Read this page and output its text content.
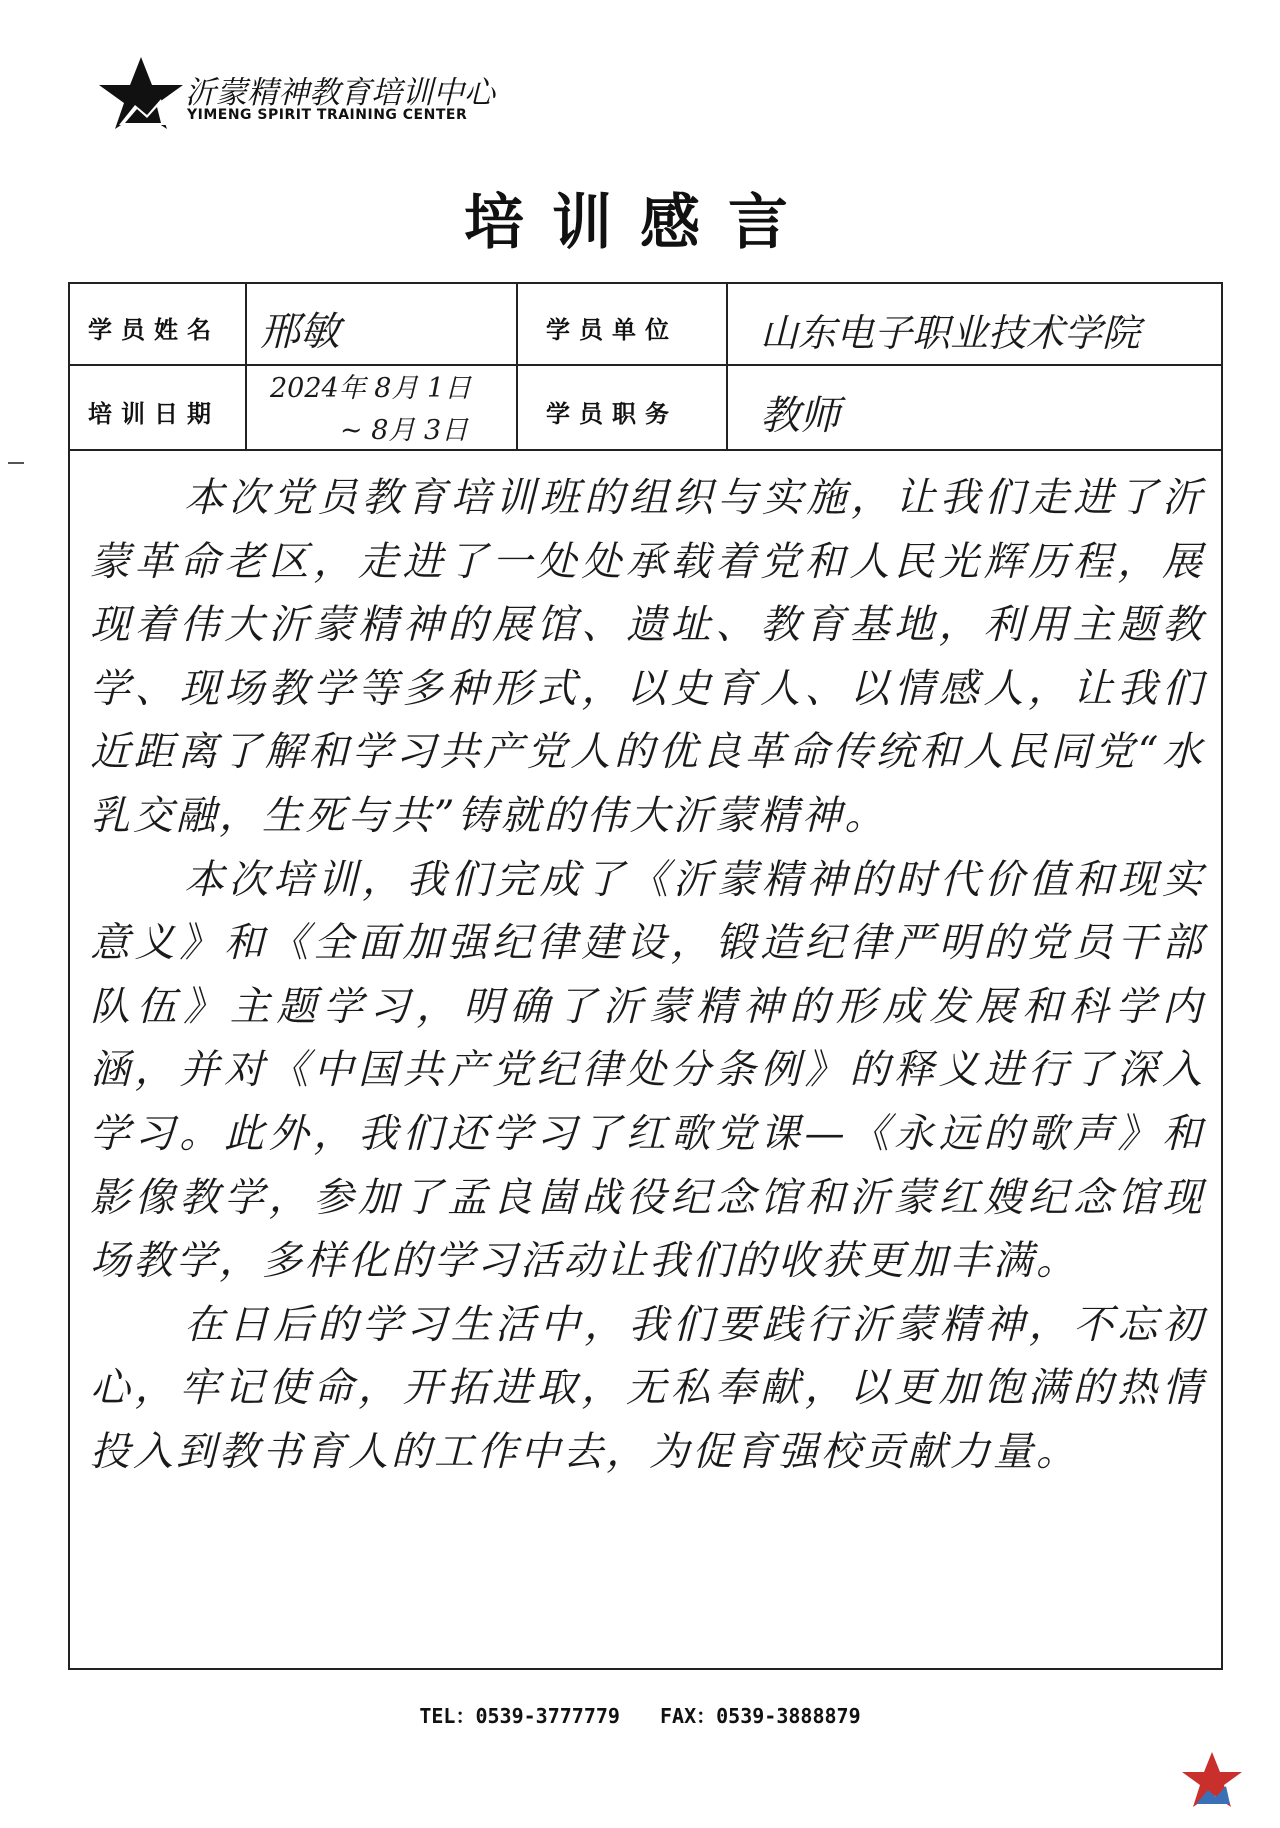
沂蒙精神教育培训中心
YIMENG SPIRIT TRAINING CENTER
培训感言
学员姓名 邢敏	学员单位 山东电子职业技术学院
培训日期
2024年 8月 1日
~ 8月 3日
学员职务 教师

本次党员教育培训班的组织与实施，让我们走进了沂蒙革命老区，走进了一处处承载着党和人民光辉历程，展现着伟大沂蒙精神的展馆、遗址、教育基地，利用主题教学、现场教学等多种形式，以史育人、以情感人，让我们近距离了解和学习共产党人的优良革命传统和人民同党“水乳交融，生死与共”铸就的伟大沂蒙精神。

本次培训，我们完成了《沂蒙精神的时代价值和现实意义》和《全面加强纪律建设，锻造纪律严明的党员干部队伍》主题学习，明确了沂蒙精神的形成发展和科学内涵，并对《中国共产党纪律处分条例》的释义进行了深入学习。此外，我们还学习了红歌党课—《永远的歌声》和影像教学，参加了孟良崮战役纪念馆和沂蒙红嫂纪念馆现场教学，多样化的学习活动让我们的收获更加丰满。

在日后的学习生活中，我们要践行沂蒙精神，不忘初心，牢记使命，开拓进取，无私奉献，以更加饱满的热情投入到教书育人的工作中去，为促育强校贡献力量。

TEL：0539-3777779 FAX：0539-3888879
